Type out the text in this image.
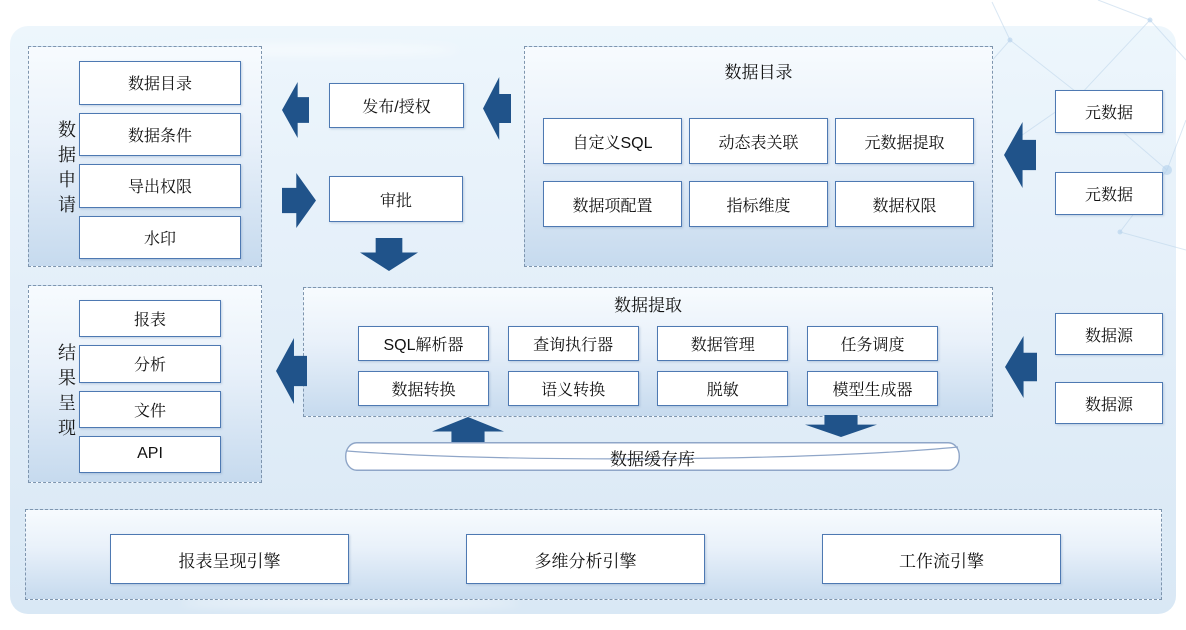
数据申请
数据目录
数据条件
导出权限
水印
发布/授权
审批
数据目录
自定义SQL	动态表关联	元数据提取
数据项配置	指标维度	数据权限
元数据
元数据
数据提取
SQL解析器	查询执行器	数据管理	任务调度
数据转换	语义转换	脱敏	模型生成器
结果呈现
报表
分析
文件
API
数据源
数据源
数据缓存库
报表呈现引擎	多维分析引擎	工作流引擎
